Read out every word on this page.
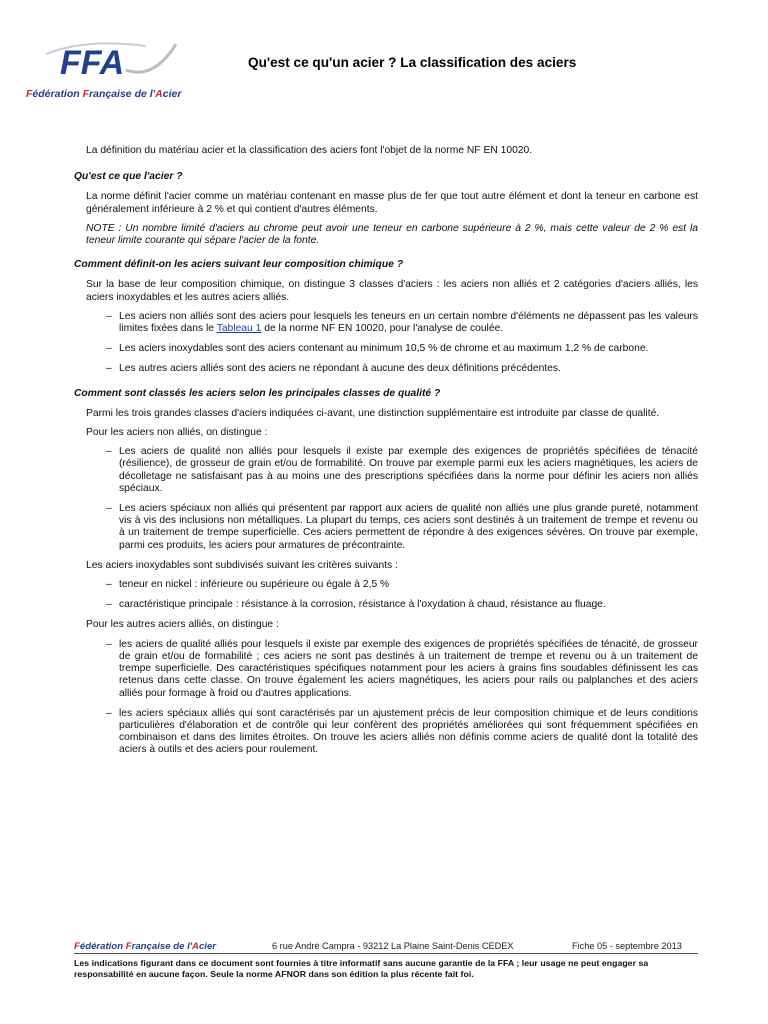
FFA
Fédération Française de l'Acier
Qu'est ce qu'un acier ? La classification des aciers

La définition du matériau acier et la classification des aciers font l'objet de la norme NF EN 10020.

Qu'est ce que l'acier ?

La norme définit l'acier comme un matériau contenant en masse plus de fer que tout autre élément et dont la teneur en carbone est généralement inférieure à 2 % et qui contient d'autres éléments.

NOTE : Un nombre limité d'aciers au chrome peut avoir une teneur en carbone supérieure à 2 %, mais cette valeur de 2 % est la teneur limite courante qui sépare l'acier de la fonte.

Comment définit-on les aciers suivant leur composition chimique ?

Sur la base de leur composition chimique, on distingue 3 classes d'aciers : les aciers non alliés et 2 catégories d'aciers alliés, les aciers inoxydables et les autres aciers alliés.

– Les aciers non alliés sont des aciers pour lesquels les teneurs en un certain nombre d'éléments ne dépassent pas les valeurs limites fixées dans le Tableau 1 de la norme NF EN 10020, pour l'analyse de coulée.
– Les aciers inoxydables sont des aciers contenant au minimum 10,5 % de chrome et au maximum 1,2 % de carbone.
– Les autres aciers alliés sont des aciers ne répondant à aucune des deux définitions précédentes.
Comment sont classés les aciers selon les principales classes de qualité ?

Parmi les trois grandes classes d'aciers indiquées ci-avant, une distinction supplémentaire est introduite par classe de qualité.

Pour les aciers non alliés, on distingue :

– Les aciers de qualité non alliés pour lesquels il existe par exemple des exigences de propriétés spécifiées de ténacité (résilience), de grosseur de grain et/ou de formabilité. On trouve par exemple parmi eux les aciers magnétiques, les aciers de décolletage ne satisfaisant pas à au moins une des prescriptions spécifiées dans la norme pour définir les aciers non alliés spéciaux.
– Les aciers spéciaux non alliés qui présentent par rapport aux aciers de qualité non alliés une plus grande pureté, notamment vis à vis des inclusions non métalliques. La plupart du temps, ces aciers sont destinés à un traitement de trempe et revenu ou à un traitement de trempe superficielle. Ces aciers permettent de répondre à des exigences sévères. On trouve par exemple, parmi ces produits, les aciers pour armatures de précontrainte.

Les aciers inoxydables sont subdivisés suivant les critères suivants :

– teneur en nickel : inférieure ou supérieure ou égale à 2,5 %
– caractéristique principale : résistance à la corrosion, résistance à l'oxydation à chaud, résistance au fluage.

Pour les autres aciers alliés, on distingue :

– les aciers de qualité alliés pour lesquels il existe par exemple des exigences de propriétés spécifiées de ténacité, de grosseur de grain et/ou de formabilité ; ces aciers ne sont pas destinés à un traitement de trempe et revenu ou à un traitement de trempe superficielle. Des caractéristiques spécifiques notamment pour les aciers à grains fins soudables définissent les cas retenus dans cette classe. On trouve également les aciers magnétiques, les aciers pour rails ou palplanches et des aciers alliés pour formage à froid ou d'autres applications.
– les aciers spéciaux alliés qui sont caractérisés par un ajustement précis de leur composition chimique et de leurs conditions particulières d'élaboration et de contrôle qui leur confèrent des propriétés améliorées qui sont fréquemment spécifiées en combinaison et dans des limites étroites. On trouve les aciers alliés non définis comme aciers de qualité dont la totalité des aciers à outils et des aciers pour roulement.
Fédération Française de l'Acier	6 rue André Campra - 93212 La Plaine Saint-Denis CEDEX	Fiche 05 - septembre 2013
Les indications figurant dans ce document sont fournies à titre informatif sans aucune garantie de la FFA ; leur usage ne peut engager sa responsabilité en aucune façon. Seule la norme AFNOR dans son édition la plus récente fait foi.
